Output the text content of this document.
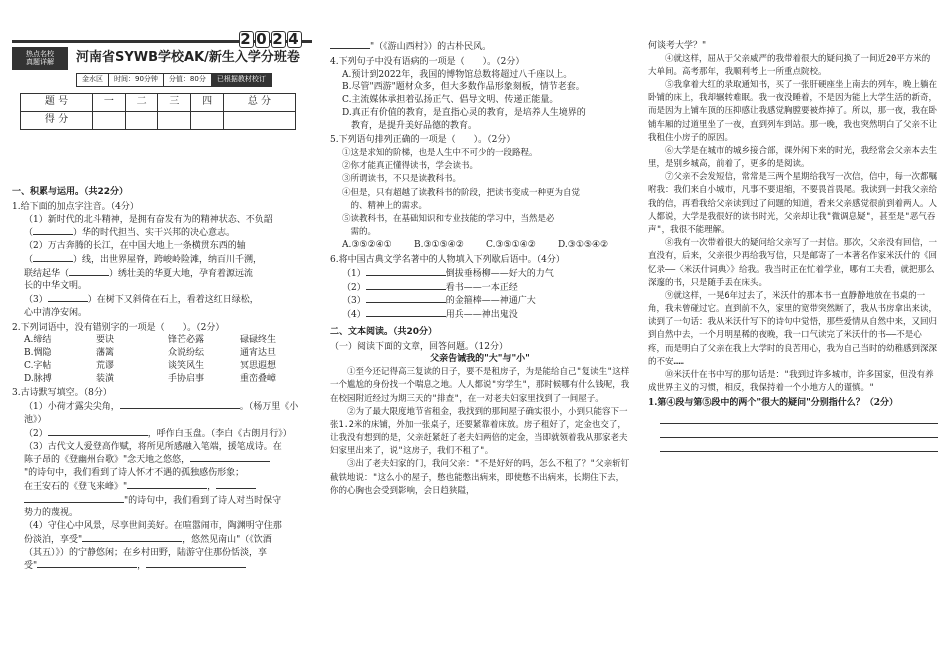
热点名校
真题详解
2 0 2 4
河南省SYWB学校AK/新生入学分班卷
金水区	时间：90分钟	分值：80分	已根据教材校订
题 号	一	二	三	四	总 分
得 分					
一、积累与运用。（共22分）
1.给下面的加点字注音。（4分）
（1）新时代的北斗精神，是拥有奋发有为的精神状态、不负韶
（	）华的时代担当、实干兴邦的决心意志。
（2）万古奔腾的长江，在中国大地上一条横贯东西的轴
（	）线，出世界屋脊，跨峻岭险滩，纳百川千溯，
联结起华（	）绣壮美的华夏大地，孕育着源远流
长的中华文明。
（3）	）在树下又斜倚在石上，看着这红日绿松，
心中清净安闲。
2.下列词语中，没有错别字的一项是（　　）。（2分）
A.缔结	要诀	锋芒必露	碌碌终生
B.惆隐	藩篱	众说纷纭	通宵达旦
C.字帖	荒谬	谈笑风生	冥思遐想
D.脉搏	装潢	手协启事	重峦叠嶂
3.古诗默写填空。（8分）
（1）小荷才露尖尖角，	。（杨万里《小池》）
（2）	，呼作白玉盘。（李白《古朗月行》）
（3）古代文人爱登高作赋，将所见所感融入笔端，援笔成诗。在
陈子昂的《登幽州台歌》"念天地之悠悠，
"的诗句中，我们看到了诗人怀才不遇的孤独感伤形象；
在王安石的《登飞来峰》"	，
"的诗句中，我们看到了诗人对当时保守
势力的蔑视。
（4）守住心中风景，尽享世间美好。在喧嚣闹市，陶渊明守住那
份淡泊，享受"	，悠然见南山"（《饮酒
（其五）》）的宁静悠闲；在乡村田野，陆游守住那份恬淡，享
受"	，
"（《游山西村》）的古朴民风。
4.下列句子中没有语病的一项是（　　）。（2分）
A.预计到2022年，我国的博物馆总数将超过八千座以上。
B.尽管"西游"题材众多，但大多数作品形象刻板，情节老套。
C.主流媒体承担着弘扬正气、倡导文明、传递正能量。
D.真正有价值的教育，是直指心灵的教育，是培养人生境界的
　教育，是提升美好品德的教育。
5.下列语句排列正确的一项是（　　）。（2分）
①这是求知的阶梯，也是人生中不可少的一段路程。
②你才能真正懂得读书，学会读书。
③所谓读书，不只是读教科书。
④但是，只有超越了读教科书的阶段，把读书变成一种更为自觉
　的、精神上的需求。
⑤读教科书，在基础知识和专业技能的学习中，当然是必
　需的。
A.③⑤②④①	B.③①⑤④②	C.③⑤①④②	D.③①⑤④②
6.将中国古典文学名著中的人物填入下列歇后语中。（4分）
（1）	倒拔垂杨柳——好大的力气
（2）	看书——一本正经
（3）	的金箍棒——神通广大
（4）	用兵——神出鬼没
二、文本阅读。（共20分）
（一）阅读下面的文章，回答问题。（12分）
父亲告诫我的"大"与"小"

①至今还记得高三复读的日子，要不是租房子，为是能给自己"复读生"这样一个尴尬的身份找一个喘息之地。人人都说"穷学生"，那时候哪有什么钱呢，我在校园附近经过为期三天的"排查"，在一对老夫妇家里找到了一间屋子。

②为了最大限度地节省租金，我找到的那间屋子确实很小，小到只能容下一张1.2米的床铺，外加一张桌子，还要紧靠着床放。房子租好了，定金也交了，让我没有想到的是，父亲赶紧赶了老夫妇两倍的定金，当即就领着我从那家老夫妇家里出来了，说"这房子，我们不租了"。

③出了老夫妇家的门，我问父亲："不是好好的吗，怎么不租了？"父亲斩钉截铁地说："这么小的屋子，憋也能憋出病来，即使憋不出病来，长期住下去，你的心胸也会受到影响，会日趋狭隘，

何谈考大学？"

④就这样，屈从于父亲威严的我带着很大的疑问换了一间近20平方米的大单间。高考那年，我顺利考上一所重点院校。

⑤我拿着大红的录取通知书，买了一张肝硬座坐上南去的列车，晚上躺在卧铺的床上，我却辗转难眠。我一夜没睡着，不是因为能上大学生活的新奇，而是因为上铺车顶的压抑感让我感觉胸膛要被炸掉了。所以，那一夜，我在卧铺车厢的过道里坐了一夜，直到列车到站。那一晚，我也突然明白了父亲不让我租住小房子的原因。

⑥大学是在城市的城乡接合部，课外闲下来的时光，我经常会父亲本去生里，是别乡城高，前着了，更多的是阅读。

⑦父亲不会发短信，常常是三两个星期给我写一次信，信中，每一次都嘱咐我：我们来自小城市，凡事不要退缩，不要畏首畏尾。我读到一封我父亲给我的信，再看我给父亲读到过了问题的知道，看来父亲感觉很前到着两人。人人都说，大学是我很好的读书时光，父亲却让我"微调息疑"，甚至是"恶气吞声"，我很不能理解。

⑧我有一次带着很大的疑问给父亲写了一封信。那次，父亲没有回信，一直没有，后来，父亲很少再给我写信，只是邮寄了一本著名作家米沃什的《回忆录——〈米沃什词典〉》给我。我当时正在忙着学业，哪有工夫看，就把那么深邃的书，只是随手丢在床头。

⑨就这样，一晃6年过去了，米沃什的那本书一直静静地放在书桌的一角，我未曾碰过它。直到前不久，家里的宽带突然断了，我从书房拿出来读，读到了一句话：我从米沃什写下的诗句中觉悟，那些爱情从自然中来，又回归到自然中去，一个月明星稀的夜晚，我一口气读完了米沃什的书——不是心疼，而是明白了父亲在我上大学时的良苦用心，我为自己当时的幼稚感到深深的不安……

⑩米沃什在书中写的那句话是："我到过许多城市，许多国家，但没有养成世界主义的习惯，相反，我保持着一个小地方人的谨慎。"

1.第④段与第⑤段中的两个"很大的疑问"分别指什么？（2分）
